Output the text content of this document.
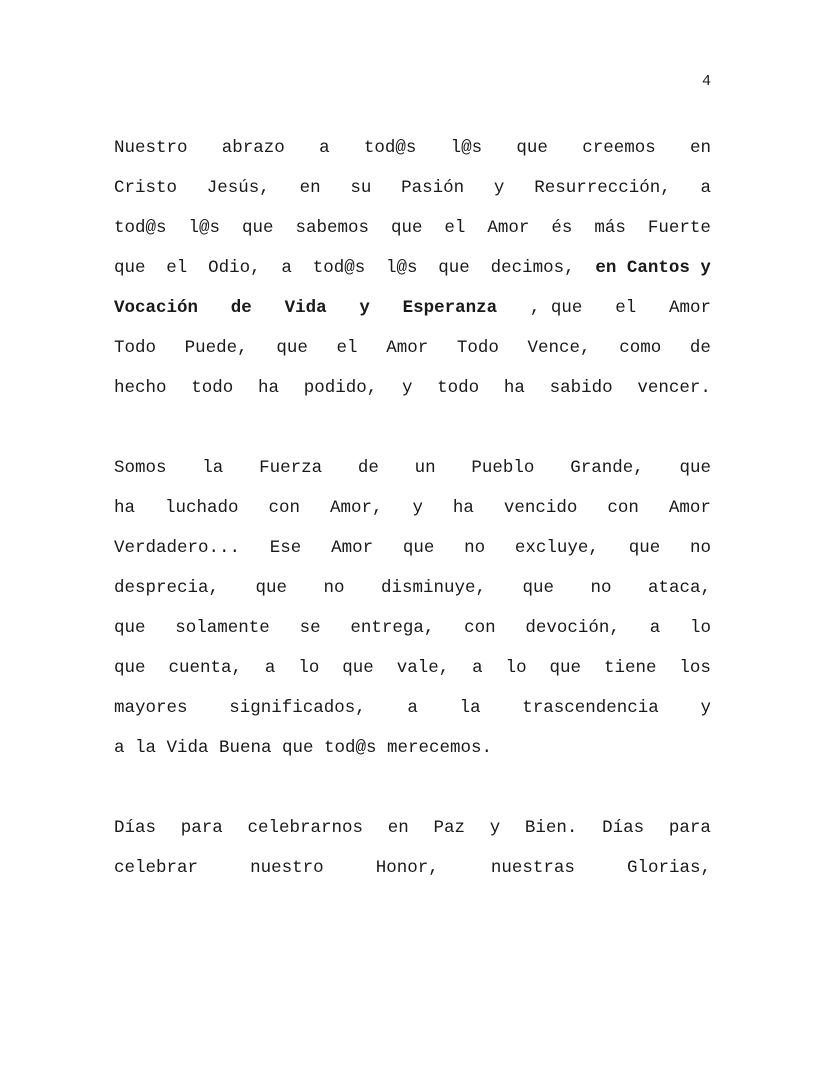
4
Nuestro abrazo a tod@s l@s que creemos en
Cristo Jesús, en su Pasión y Resurrección, a
tod@s l@s que sabemos que el Amor és más Fuerte
que el Odio, a tod@s l@s que decimos, en Cantos y
Vocación de Vida y Esperanza , que el Amor
Todo Puede, que el Amor Todo Vence, como de
hecho todo ha podido, y todo ha sabido vencer.
Somos la Fuerza de un Pueblo Grande, que
ha luchado con Amor, y ha vencido con Amor
Verdadero... Ese Amor que no excluye, que no
desprecia, que no disminuye, que no ataca,
que solamente se entrega, con devoción, a lo
que cuenta, a lo que vale, a lo que tiene los
mayores significados, a la trascendencia y
a la Vida Buena que tod@s merecemos.
Días para celebrarnos en Paz y Bien. Días para
celebrar	nuestro	Honor,	nuestras	Glorias,
